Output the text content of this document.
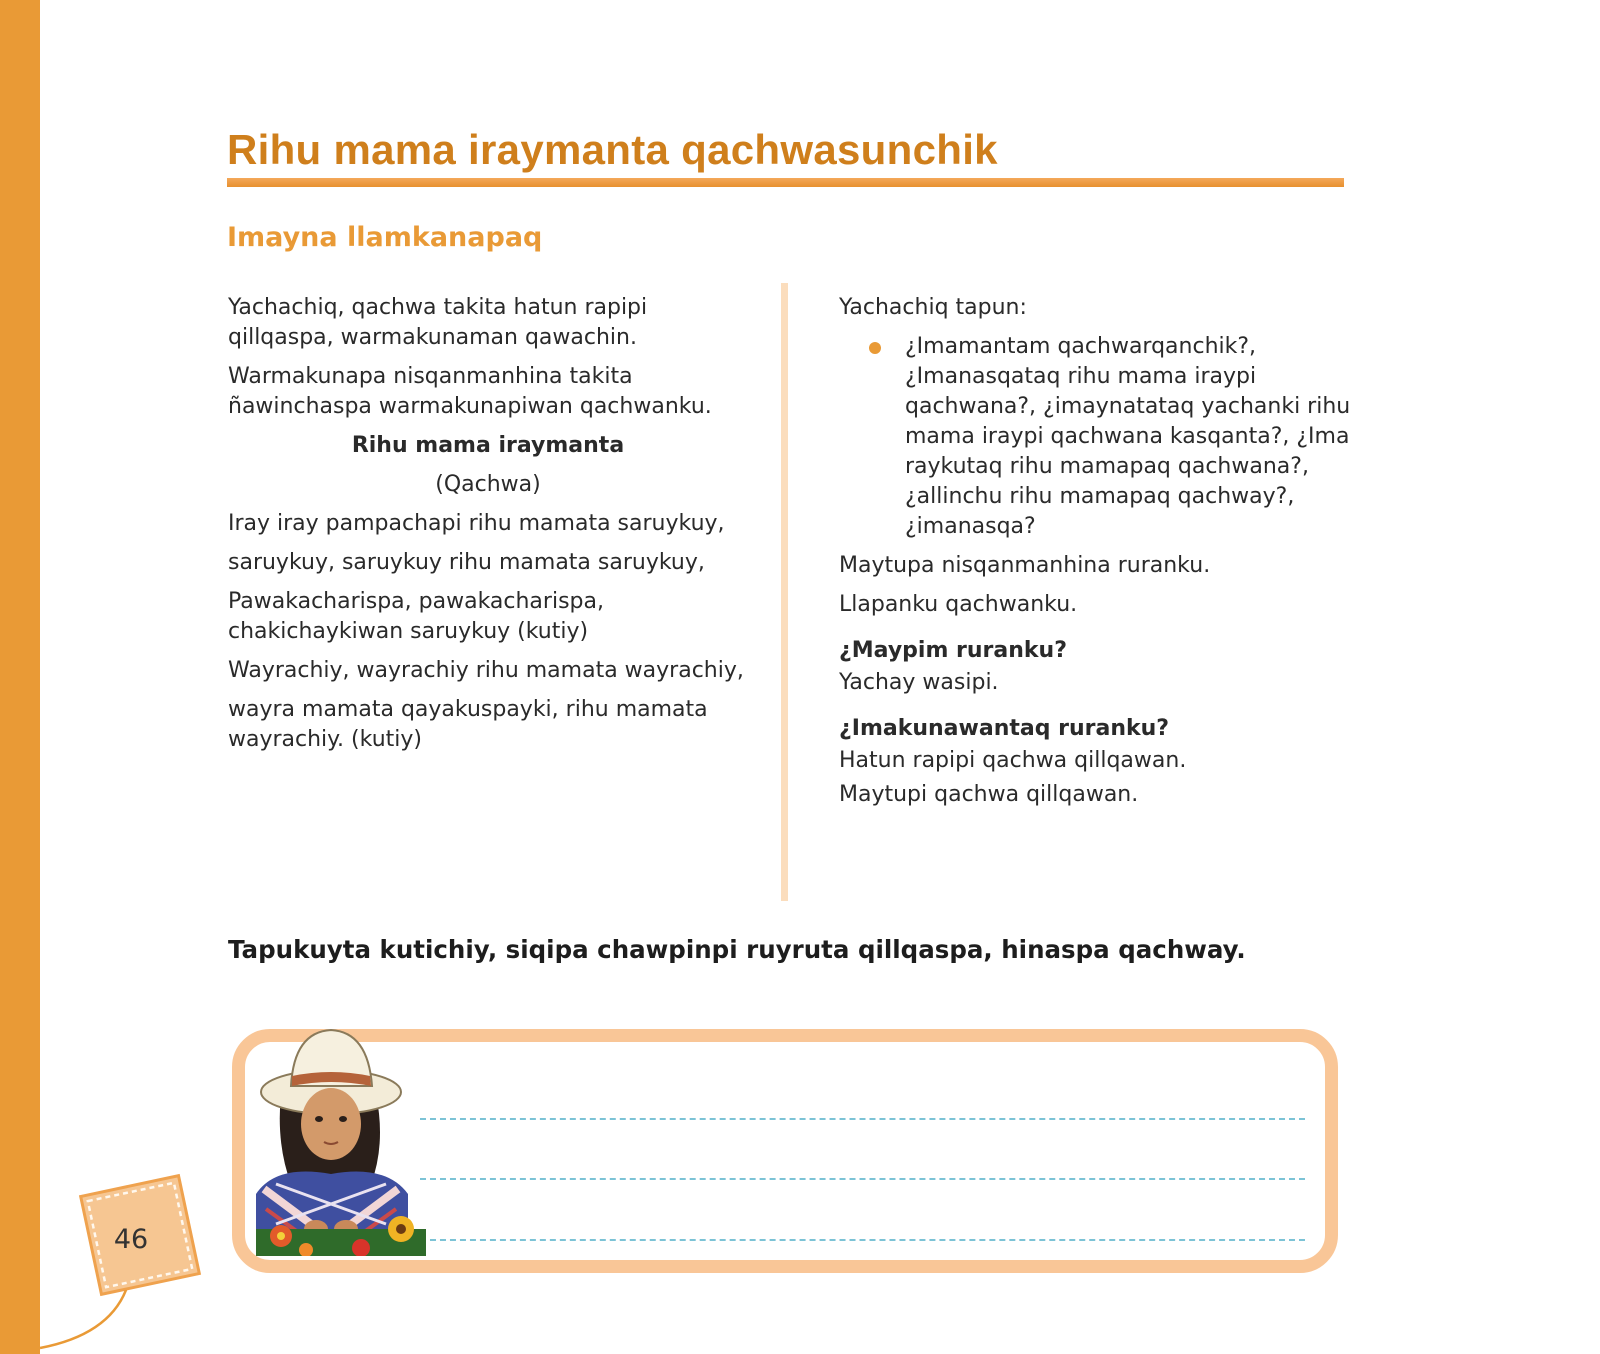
Rihu mama iraymanta qachwasunchik
Imayna llamkanapaq

Yachachiq, qachwa takita hatun rapipi qillqaspa, warmakunaman qawachin.

Warmakunapa nisqanmanhina takita ñawinchaspa warmakunapiwan qachwanku.

Rihu mama iraymanta

(Qachwa)

Iray iray pampachapi rihu mamata saruykuy,

saruykuy, saruykuy rihu mamata saruykuy,

Pawakacharispa, pawakacharispa, chakichaykiwan saruykuy (kutiy)

Wayrachiy, wayrachiy rihu mamata wayrachiy,

wayra mamata qayakuspayki, rihu mamata wayrachiy. (kutiy)

Yachachiq tapun:

¿Imamantam qachwarqanchik?, ¿Imanasqataq rihu mama iraypi qachwana?, ¿imaynatataq yachanki rihu mama iraypi qachwana kasqanta?, ¿Ima raykutaq rihu mamapaq qachwana?, ¿allinchu rihu mamapaq qachway?, ¿imanasqa?

Maytupa nisqanmanhina ruranku.

Llapanku qachwanku.

¿Maypim ruranku?

Yachay wasipi.

¿Imakunawantaq ruranku?

Hatun rapipi qachwa qillqawan.

Maytupi qachwa qillqawan.

Tapukuyta kutichiy, siqipa chawpinpi ruyruta qillqaspa, hinaspa qachway.

46
